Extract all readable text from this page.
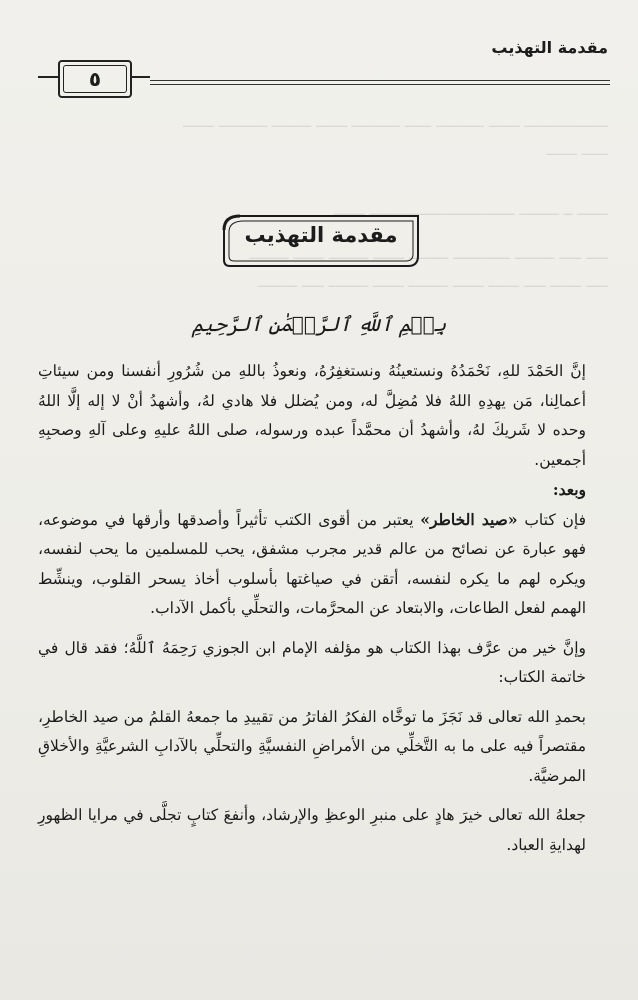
ـــــــــــــــــــ ـــــــ ـــــــــــ ــــــ ـــــــــــ ـــــــ ـــــــــ ـــــــــــ ـــــــ
ــــــ ـــــــ
ـــــــ ــ ـــــــــ ـــــــــــــــــــــــــــــــــ ـــــــ
ـــــ ـــــ ـــــــــ ـــــــــــــ ـــــــــ ـــــــ ـــــــــ ـــــــ ـــــــــ
ـــــ ـــــــ ـــــ ـــــــ ـــــــ ـــــــــ ـــــــ ـــــــــ ـــــ ـــــــــ
مقدمة التهذيب
٥
مقدمة التهذيب
بِسۡمِ ٱللَّهِ ٱلرَّحۡمَٰنِ ٱلرَّحِيمِ

إنَّ الحَمْدَ للهِ، نَحْمَدُهُ ونستعينُهُ ونستغفِرُهُ، ونعوذُ باللهِ من شُرُورِ أنفسنا ومن سيئاتِ أعمالِنا، مَن يهدِهِ اللهُ فلا مُضِلَّ له، ومن يُضلل فلا هادي لهُ، وأشهدُ أنْ لا إله إلَّا اللهُ وحده لا شَريكَ لهُ، وأشهدُ أن محمَّداً عبده ورسوله، صلى اللهُ عليهِ وعلى آلهِ وصحبِهِ أجمعين.

وبعد:

فإن كتاب «صيد الخاطر» يعتبر من أقوى الكتب تأثيراً وأصدقها وأرقها في موضوعه، فهو عبارة عن نصائح من عالم قدير مجرب مشفق، يحب للمسلمين ما يحب لنفسه، ويكره لهم ما يكره لنفسه، أتقن في صياغتها بأسلوب أخاذ يسحر القلوب، وينشِّط الهمم لفعل الطاعات، والابتعاد عن المحرَّمات، والتحلِّي بأكمل الآداب.

وإنَّ خير من عرَّف بهذا الكتاب هو مؤلفه الإمام ابن الجوزي رَحِمَهُ ٱللَّهُ؛ فقد قال في خاتمة الكتاب:

بحمدِ الله تعالى قد نَجَزَ ما توخَّاه الفكرُ الفاترُ من تقييدِ ما جمعهُ القلمُ من صيد الخاطرِ، مقتصراً فيه على ما به التَّخلِّي من الأمراضِ النفسيَّةِ والتحلِّي بالآدابِ الشرعيَّةِ والأخلاقِ المرضيَّة.

جعلهُ الله تعالى خيرَ هادٍ على منبرِ الوعظِ والإرشاد، وأنفعَ كتابٍ تجلَّى في مرايا الظهورِ لهدايةِ العباد.
